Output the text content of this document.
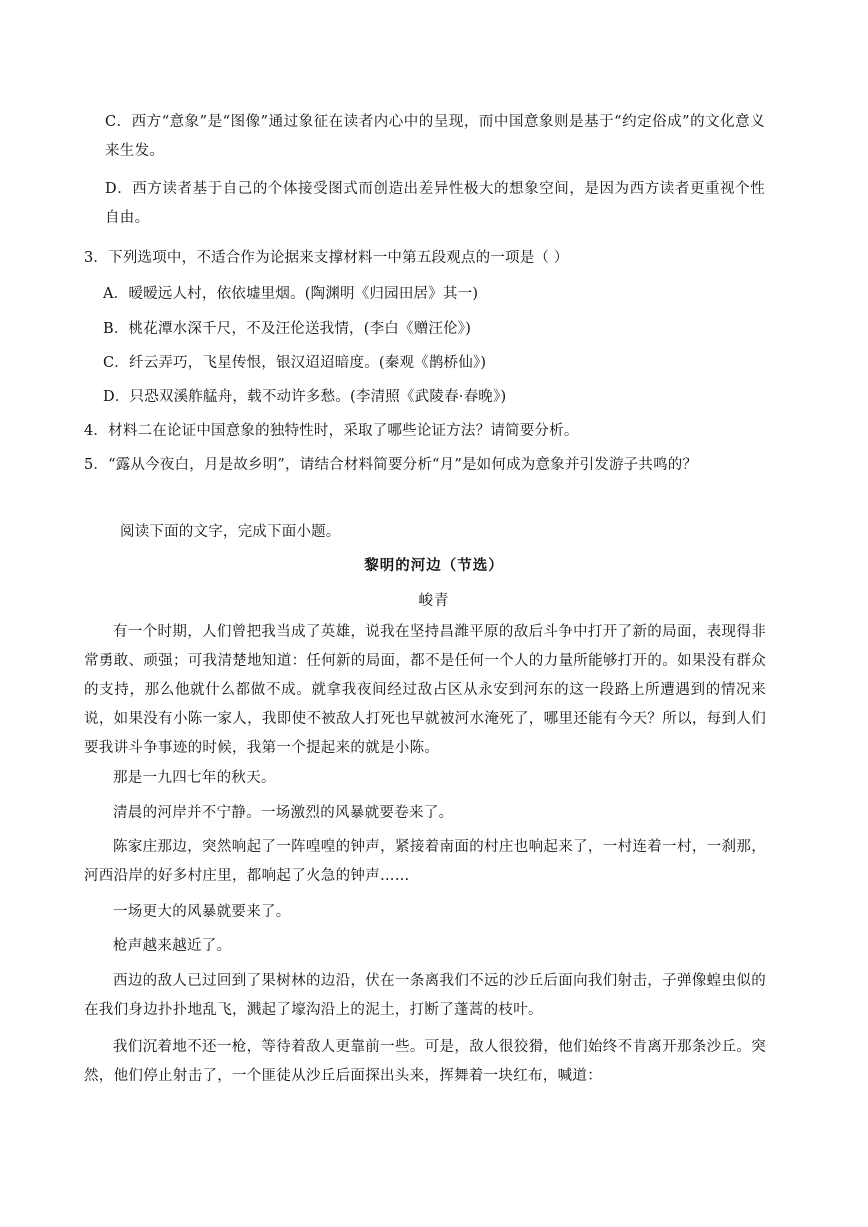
C．西方“意象”是“图像”通过象征在读者内心中的呈现，而中国意象则是基于“约定俗成”的文化意义来生发。
D．西方读者基于自己的个体接受图式而创造出差异性极大的想象空间，是因为西方读者更重视个性自由。
3．下列选项中，不适合作为论据来支撑材料一中第五段观点的一项是（ ）
A．暧暧远人村，依依墟里烟。(陶渊明《归园田居》其一)
B．桃花潭水深千尺，不及汪伦送我情，(李白《赠汪伦》)
C．纤云弄巧，飞星传恨，银汉迢迢暗度。(秦观《鹊桥仙》)
D．只恐双溪舴艋舟，载不动许多愁。(李清照《武陵春·春晚》)
4．材料二在论证中国意象的独特性时，采取了哪些论证方法？请简要分析。
5．“露从今夜白，月是故乡明”，请结合材料简要分析“月”是如何成为意象并引发游子共鸣的？
阅读下面的文字，完成下面小题。
黎明的河边（节选）
峻青
有一个时期，人们曾把我当成了英雄，说我在坚持昌潍平原的敌后斗争中打开了新的局面，表现得非常勇敢、顽强；可我清楚地知道：任何新的局面，都不是任何一个人的力量所能够打开的。如果没有群众的支持，那么他就什么都做不成。就拿我夜间经过敌占区从永安到河东的这一段路上所遭遇到的情况来说，如果没有小陈一家人，我即使不被敌人打死也早就被河水淹死了，哪里还能有今天？所以，每到人们要我讲斗争事迹的时候，我第一个提起来的就是小陈。
那是一九四七年的秋天。
清晨的河岸并不宁静。一场激烈的风暴就要卷来了。
陈家庄那边，突然响起了一阵喤喤的钟声，紧接着南面的村庄也响起来了，一村连着一村，一刹那，河西沿岸的好多村庄里，都响起了火急的钟声……
一场更大的风暴就要来了。
枪声越来越近了。
西边的敌人已过回到了果树林的边沿，伏在一条离我们不远的沙丘后面向我们射击，子弹像蝗虫似的在我们身边扑扑地乱飞，溅起了壕沟沿上的泥土，打断了蓬蒿的枝叶。
我们沉着地不还一枪，等待着敌人更靠前一些。可是，敌人很狡猾，他们始终不肯离开那条沙丘。突然，他们停止射击了，一个匪徒从沙丘后面探出头来，挥舞着一块红布，喊道：
